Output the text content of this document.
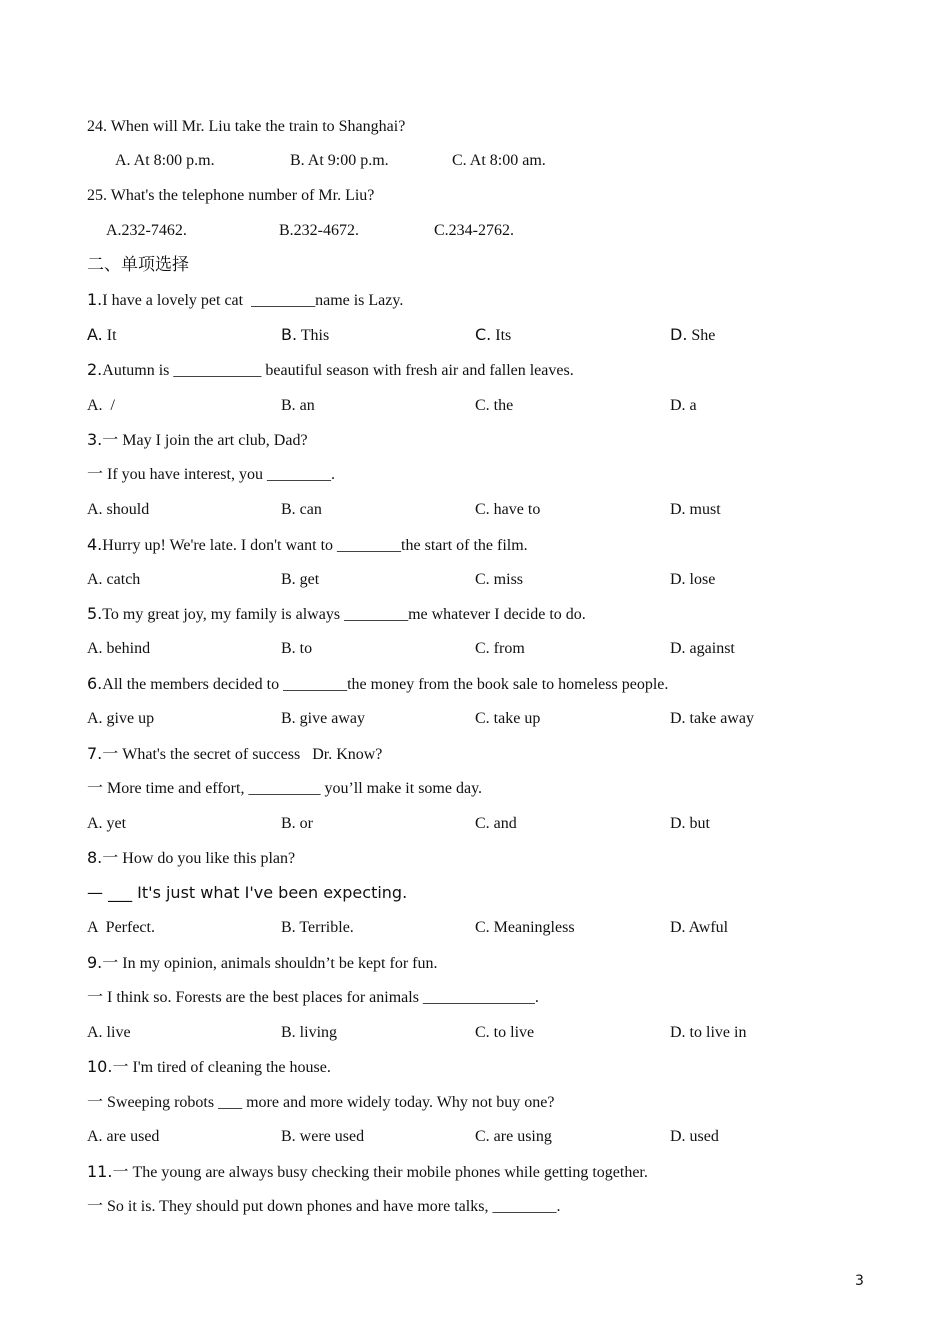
24. When will Mr. Liu take the train to Shanghai?
A. At 8:00 p.m.	B. At 9:00 p.m.	C. At 8:00 am.
25. What's the telephone number of Mr. Liu?
A.232-7462.	B.232-4672.	C.234-2762.
二、单项选择
1.I have a lovely pet cat  ________name is Lazy.
A. It	B. This	C. Its	D. She
2.Autumn is ___________ beautiful season with fresh air and fallen leaves.
A.  /	B. an	C. the	D. a
3.一 May I join the art club, Dad?
一 If you have interest, you ________.
A. should	B. can	C. have to	D. must
4.Hurry up! We're late. I don't want to ________the start of the film.
A. catch	B. get	C. miss	D. lose
5.To my great joy, my family is always ________me whatever I decide to do.
A. behind	B. to	C. from	D. against
6.All the members decided to ________the money from the book sale to homeless people.
A. give up	B. give away	C. take up	D. take away
7.一 What's the secret of success   Dr. Know?
一 More time and effort, _________ you’ll make it some day.
A. yet	B. or	C. and	D. but
8.一 How do you like this plan?
— ___ It's just what I've been expecting.
A  Perfect.	B. Terrible.	C. Meaningless	D. Awful
9.一 In my opinion, animals shouldn’t be kept for fun.
一 I think so. Forests are the best places for animals ______________.
A. live	B. living	C. to live	D. to live in
10.一 I'm tired of cleaning the house.
一 Sweeping robots ___ more and more widely today. Why not buy one?
A. are used	B. were used	C. are using	D. used
11.一 The young are always busy checking their mobile phones while getting together.
一 So it is. They should put down phones and have more talks, ________.
3
